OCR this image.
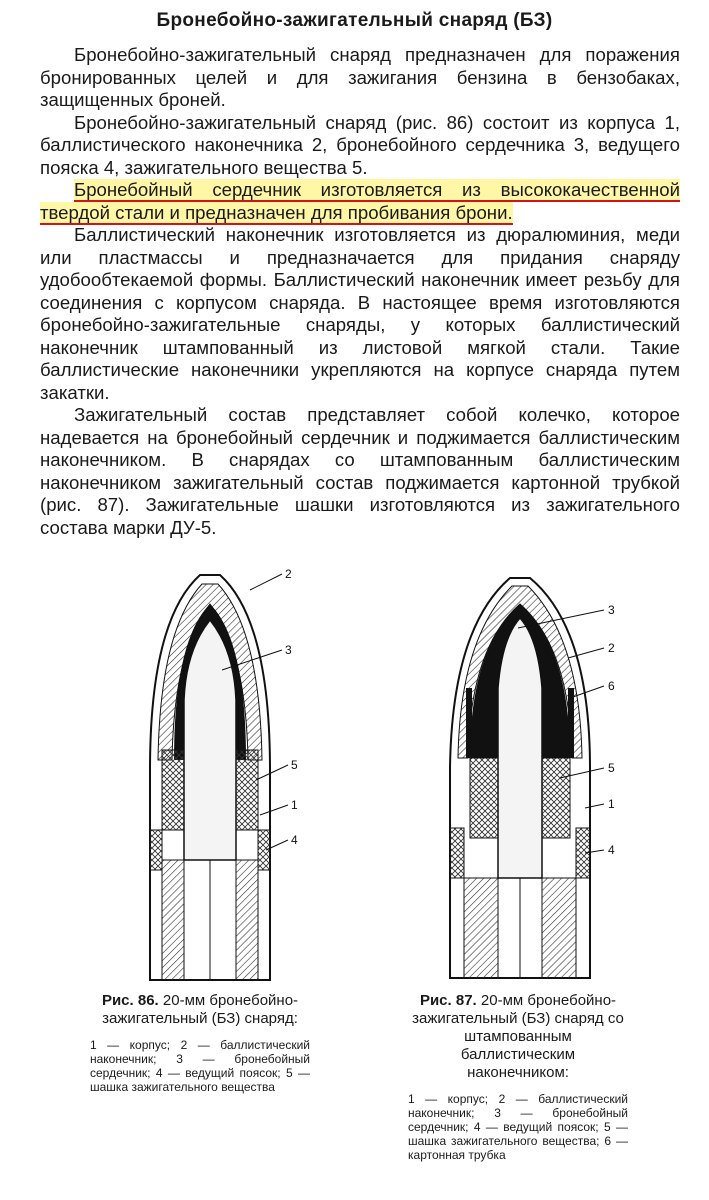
Бронебойно-зажигательный снаряд (БЗ)

Бронебойно-зажигательный снаряд предназначен для поражения бронированных целей и для зажигания бензина в бензобаках, защищенных броней.

Бронебойно-зажигательный снаряд (рис. 86) состоит из корпуса 1, баллистического наконечника 2, бронебойного сердечника 3, ведущего пояска 4, зажигательного вещества 5.

Бронебойный сердечник изготовляется из высококачественной твердой стали и предназначен для пробивания брони.

Баллистический наконечник изготовляется из дюралюминия, меди или пластмассы и предназначается для придания снаряду удобообтекаемой формы. Баллистический наконечник имеет резьбу для соединения с корпусом снаряда. В настоящее время изготовляются бронебойно-зажигательные снаряды, у которых баллистический наконечник штампованный из листовой мягкой стали. Такие баллистические наконечники укрепляются на корпусе снаряда путем закатки.

Зажигательный состав представляет собой колечко, которое надевается на бронебойный сердечник и поджимается баллистическим наконечником. В снарядах со штампованным баллистическим наконечником зажигательный состав поджимается картонной трубкой (рис. 87). Зажигательные шашки изготовляются из зажигательного состава марки ДУ-5.

2
3
5
1
4
3
2
6
5
1
4
Рис. 86. 20-мм бронебойно-зажигательный (БЗ) снаряд:
1 — корпус; 2 — баллистический наконечник; 3 — бронебойный сердечник; 4 — ведущий поясок; 5 — шашка зажигательного вещества
Рис. 87. 20-мм бронебойно-зажигательный (БЗ) снаряд со штампованным баллистическим наконечником:
1 — корпус; 2 — баллистический наконечник; 3 — бронебойный сердечник; 4 — ведущий поясок; 5 — шашка зажигательного вещества; 6 — картонная трубка
